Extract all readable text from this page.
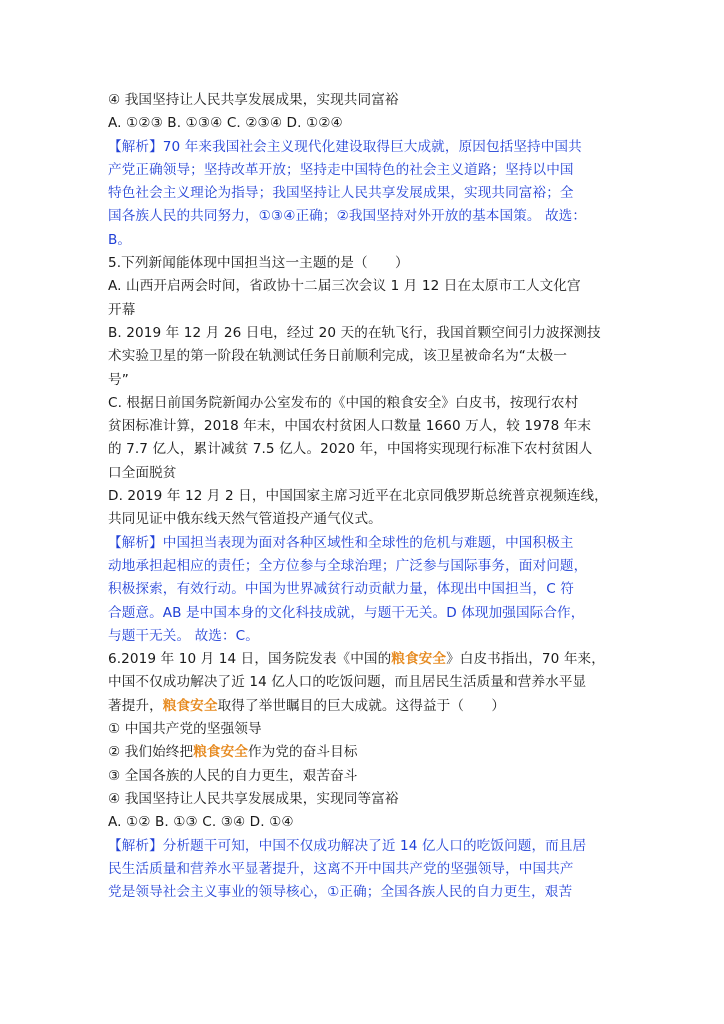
④ 我国坚持让人民共享发展成果，实现共同富裕
A. ①②③ B. ①③④ C. ②③④ D. ①②④
【解析】70 年来我国社会主义现代化建设取得巨大成就，原因包括坚持中国共
产党正确领导；坚持改革开放；坚持走中国特色的社会主义道路；坚持以中国
特色社会主义理论为指导；我国坚持让人民共享发展成果，实现共同富裕；全
国各族人民的共同努力，①③④正确；②我国坚持对外开放的基本国策。 故选：
B。
5.下列新闻能体现中国担当这一主题的是（　　）
A. 山西开启两会时间，省政协十二届三次会议 1 月 12 日在太原市工人文化宫
开幕
B. 2019 年 12 月 26 日电，经过 20 天的在轨飞行，我国首颗空间引力波探测技
术实验卫星的第一阶段在轨测试任务日前顺利完成，该卫星被命名为“太极一
号”
C. 根据日前国务院新闻办公室发布的《中国的粮食安全》白皮书，按现行农村
贫困标准计算，2018 年末，中国农村贫困人口数量 1660 万人，较 1978 年末
的 7.7 亿人，累计减贫 7.5 亿人。2020 年，中国将实现现行标准下农村贫困人
口全面脱贫
D. 2019 年 12 月 2 日，中国国家主席习近平在北京同俄罗斯总统普京视频连线，
共同见证中俄东线天然气管道投产通气仪式。
【解析】中国担当表现为面对各种区域性和全球性的危机与难题，中国积极主
动地承担起相应的责任；全方位参与全球治理；广泛参与国际事务，面对问题，
积极探索，有效行动。中国为世界减贫行动贡献力量，体现出中国担当，C 符
合题意。AB 是中国本身的文化科技成就，与题干无关。D 体现加强国际合作，
与题干无关。 故选：C。
6.2019 年 10 月 14 日，国务院发表《中国的粮食安全》白皮书指出，70 年来，
中国不仅成功解决了近 14 亿人口的吃饭问题，而且居民生活质量和营养水平显
著提升，粮食安全取得了举世瞩目的巨大成就。这得益于（　　）
① 中国共产党的坚强领导
② 我们始终把粮食安全作为党的奋斗目标
③ 全国各族的人民的自力更生，艰苦奋斗
④ 我国坚持让人民共享发展成果，实现同等富裕
A. ①② B. ①③ C. ③④ D. ①④
【解析】分析题干可知，中国不仅成功解决了近 14 亿人口的吃饭问题，而且居
民生活质量和营养水平显著提升，这离不开中国共产党的坚强领导，中国共产
党是领导社会主义事业的领导核心，①正确；全国各族人民的自力更生，艰苦
